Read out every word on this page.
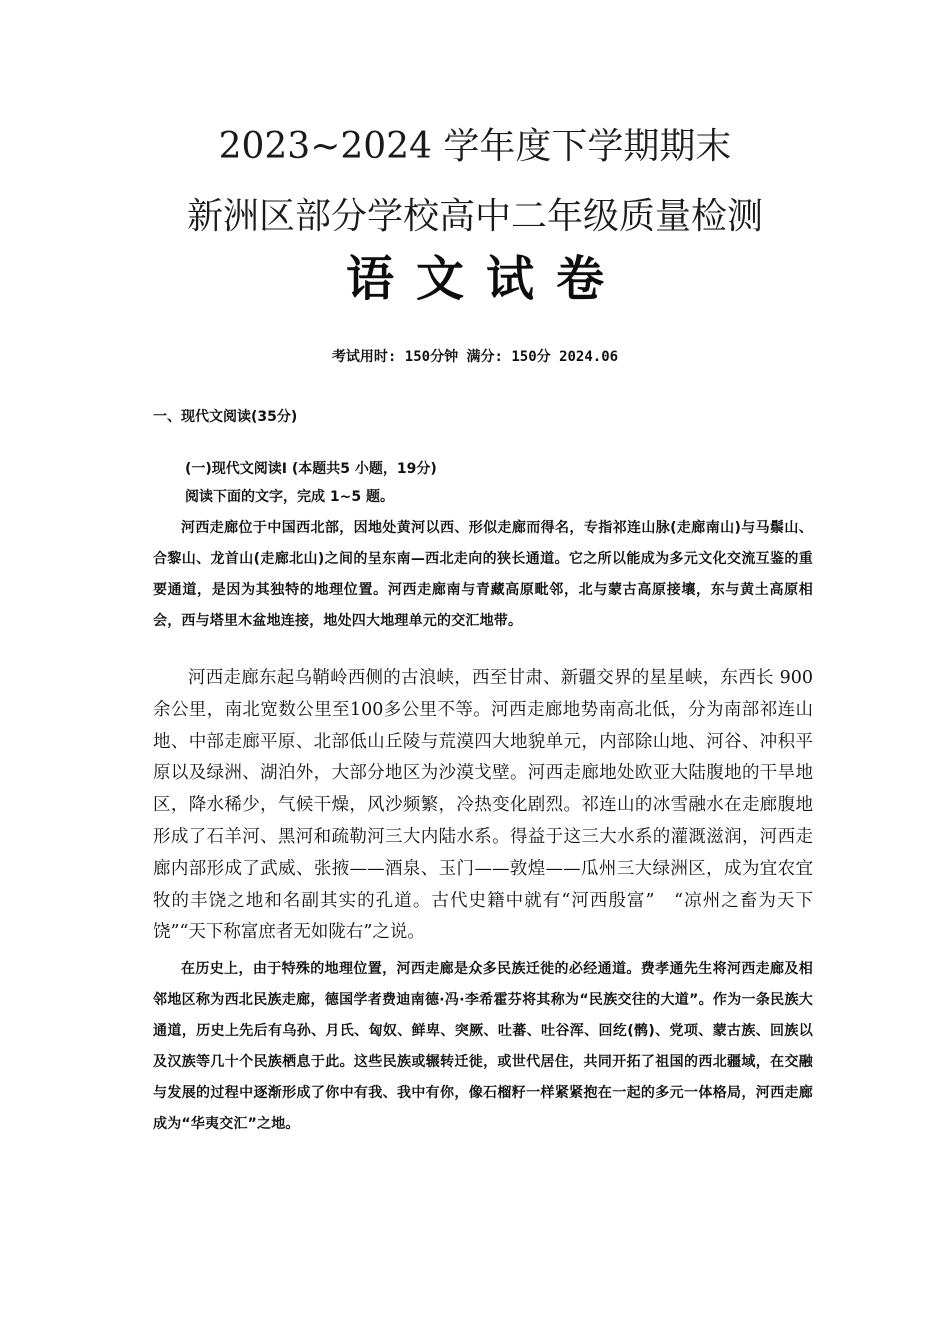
2023~2024 学年度下学期期末
新洲区部分学校高中二年级质量检测
语文试卷
考试用时: 150分钟 满分: 150分 2024.06
一、现代文阅读(35分)
(一)现代文阅读Ⅰ (本题共5 小题，19分)
阅读下面的文字，完成 1~5 题。

河西走廊位于中国西北部，因地处黄河以西、形似走廊而得名，专指祁连山脉(走廊南山)与马鬃山、合黎山、龙首山(走廊北山)之间的呈东南—西北走向的狭长通道。它之所以能成为多元文化交流互鉴的重要通道，是因为其独特的地理位置。河西走廊南与青藏高原毗邻，北与蒙古高原接壤，东与黄土高原相会，西与塔里木盆地连接，地处四大地理单元的交汇地带。

河西走廊东起乌鞘岭西侧的古浪峡，西至甘肃、新疆交界的星星峡，东西长 900 余公里，南北宽数公里至100多公里不等。河西走廊地势南高北低，分为南部祁连山地、中部走廊平原、北部低山丘陵与荒漠四大地貌单元，内部除山地、河谷、冲积平原以及绿洲、湖泊外，大部分地区为沙漠戈壁。河西走廊地处欧亚大陆腹地的干旱地区，降水稀少，气候干燥，风沙频繁，冷热变化剧烈。祁连山的冰雪融水在走廊腹地形成了石羊河、黑河和疏勒河三大内陆水系。得益于这三大水系的灌溉滋润，河西走廊内部形成了武威、张掖——酒泉、玉门——敦煌——瓜州三大绿洲区，成为宜农宜牧的丰饶之地和名副其实的孔道。古代史籍中就有“河西殷富”　“凉州之畜为天下饶”“天下称富庶者无如陇右”之说。

在历史上，由于特殊的地理位置，河西走廊是众多民族迁徙的必经通道。费孝通先生将河西走廊及相邻地区称为西北民族走廊，德国学者费迪南德·冯·李希霍芬将其称为“民族交往的大道”。作为一条民族大通道，历史上先后有乌孙、月氏、匈奴、鲜卑、突厥、吐蕃、吐谷浑、回纥(鹘)、党项、蒙古族、回族以及汉族等几十个民族栖息于此。这些民族或辗转迁徙，或世代居住，共同开拓了祖国的西北疆域，在交融与发展的过程中逐渐形成了你中有我、我中有你，像石榴籽一样紧紧抱在一起的多元一体格局，河西走廊成为“华夷交汇”之地。
